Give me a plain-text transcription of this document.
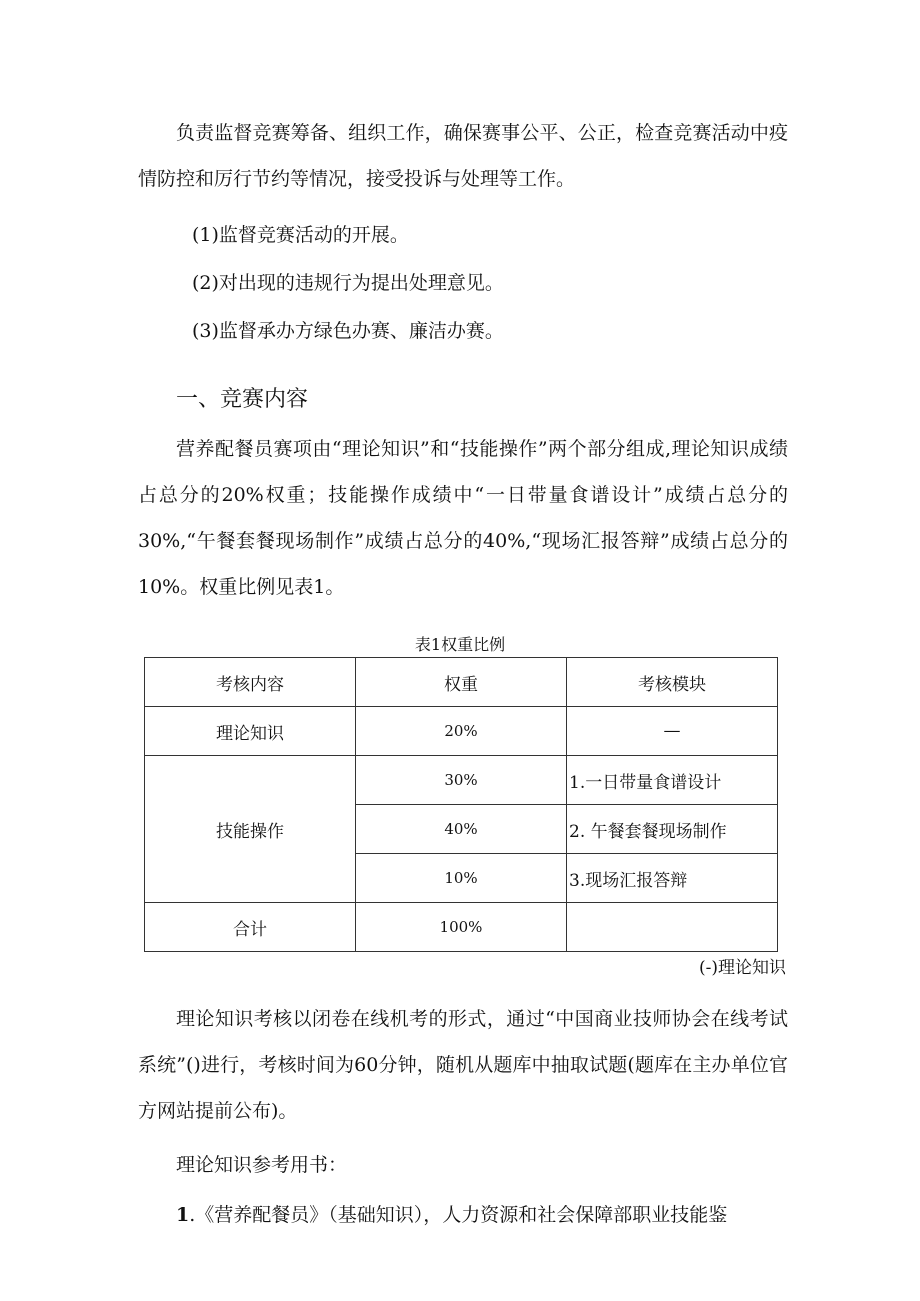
负责监督竞赛筹备、组织工作，确保赛事公平、公正，检查竞赛活动中疫情防控和厉行节约等情况，接受投诉与处理等工作。

(1)监督竞赛活动的开展。

(2)对出现的违规行为提出处理意见。

(3)监督承办方绿色办赛、廉洁办赛。

一、竞赛内容

营养配餐员赛项由“理论知识”和“技能操作”两个部分组成,理论知识成绩占总分的20%权重；技能操作成绩中“一日带量食谱设计”成绩占总分的30%,“午餐套餐现场制作”成绩占总分的40%,“现场汇报答辩”成绩占总分的10%。权重比例见表1。

表1权重比例

考核内容	权重	考核模块
理论知识	20%	—
技能操作	30%	1.一日带量食谱设计
	40%	2. 午餐套餐现场制作
	10%	3.现场汇报答辩
合计	100%	

(-)理论知识

理论知识考核以闭卷在线机考的形式，通过“中国商业技师协会在线考试系统”()进行，考核时间为60分钟，随机从题库中抽取试题(题库在主办单位官方网站提前公布)。

理论知识参考用书：

1.《营养配餐员》（基础知识），人力资源和社会保障部职业技能鉴
